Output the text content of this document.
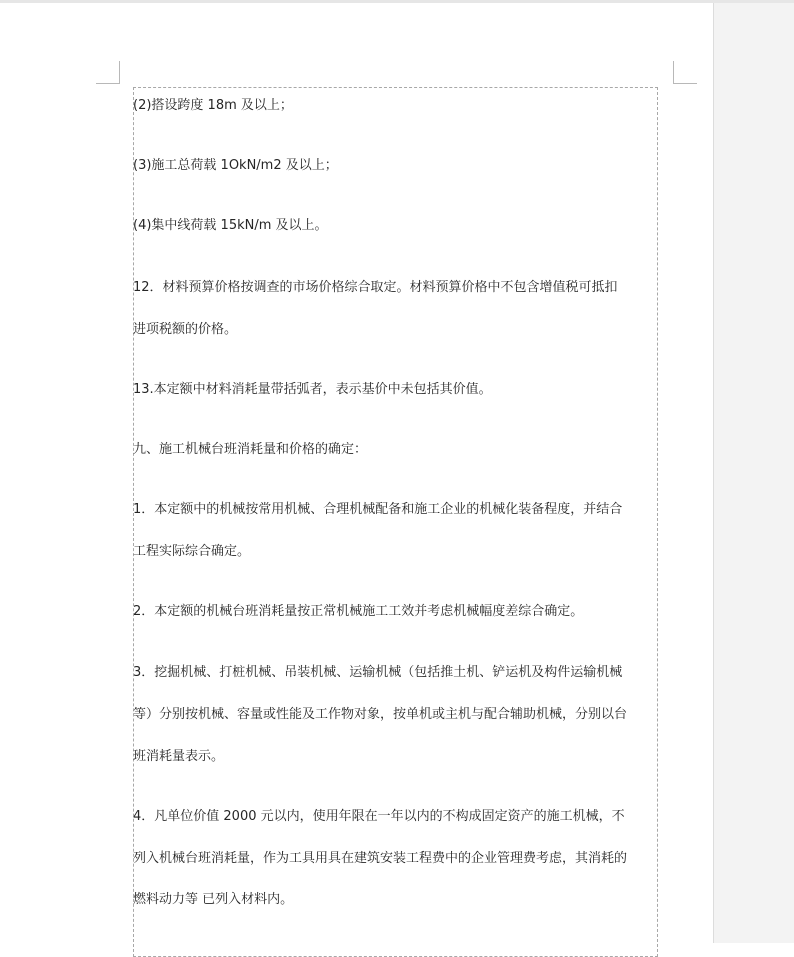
(2)搭设跨度 18m 及以上；
(3)施工总荷载 1OkN/m2 及以上；
(4)集中线荷载 15kN/m 及以上。
12．材料预算价格按调查的市场价格综合取定。材料预算价格中不包含增值税可抵扣
进项税额的价格。
13.本定额中材料消耗量带括弧者，表示基价中未包括其价值。
九、施工机械台班消耗量和价格的确定：
1．本定额中的机械按常用机械、合理机械配备和施工企业的机械化装备程度，并结合
工程实际综合确定。
2．本定额的机械台班消耗量按正常机械施工工效并考虑机械幅度差综合确定。
3．挖掘机械、打桩机械、吊装机械、运输机械（包括推土机、铲运机及构件运输机械
等）分别按机械、容量或性能及工作物对象，按单机或主机与配合辅助机械，分别以台
班消耗量表示。
4．凡单位价值 2000 元以内，使用年限在一年以内的不构成固定资产的施工机械，不
列入机械台班消耗量，作为工具用具在建筑安装工程费中的企业管理费考虑，其消耗的
燃料动力等 已列入材料内。
